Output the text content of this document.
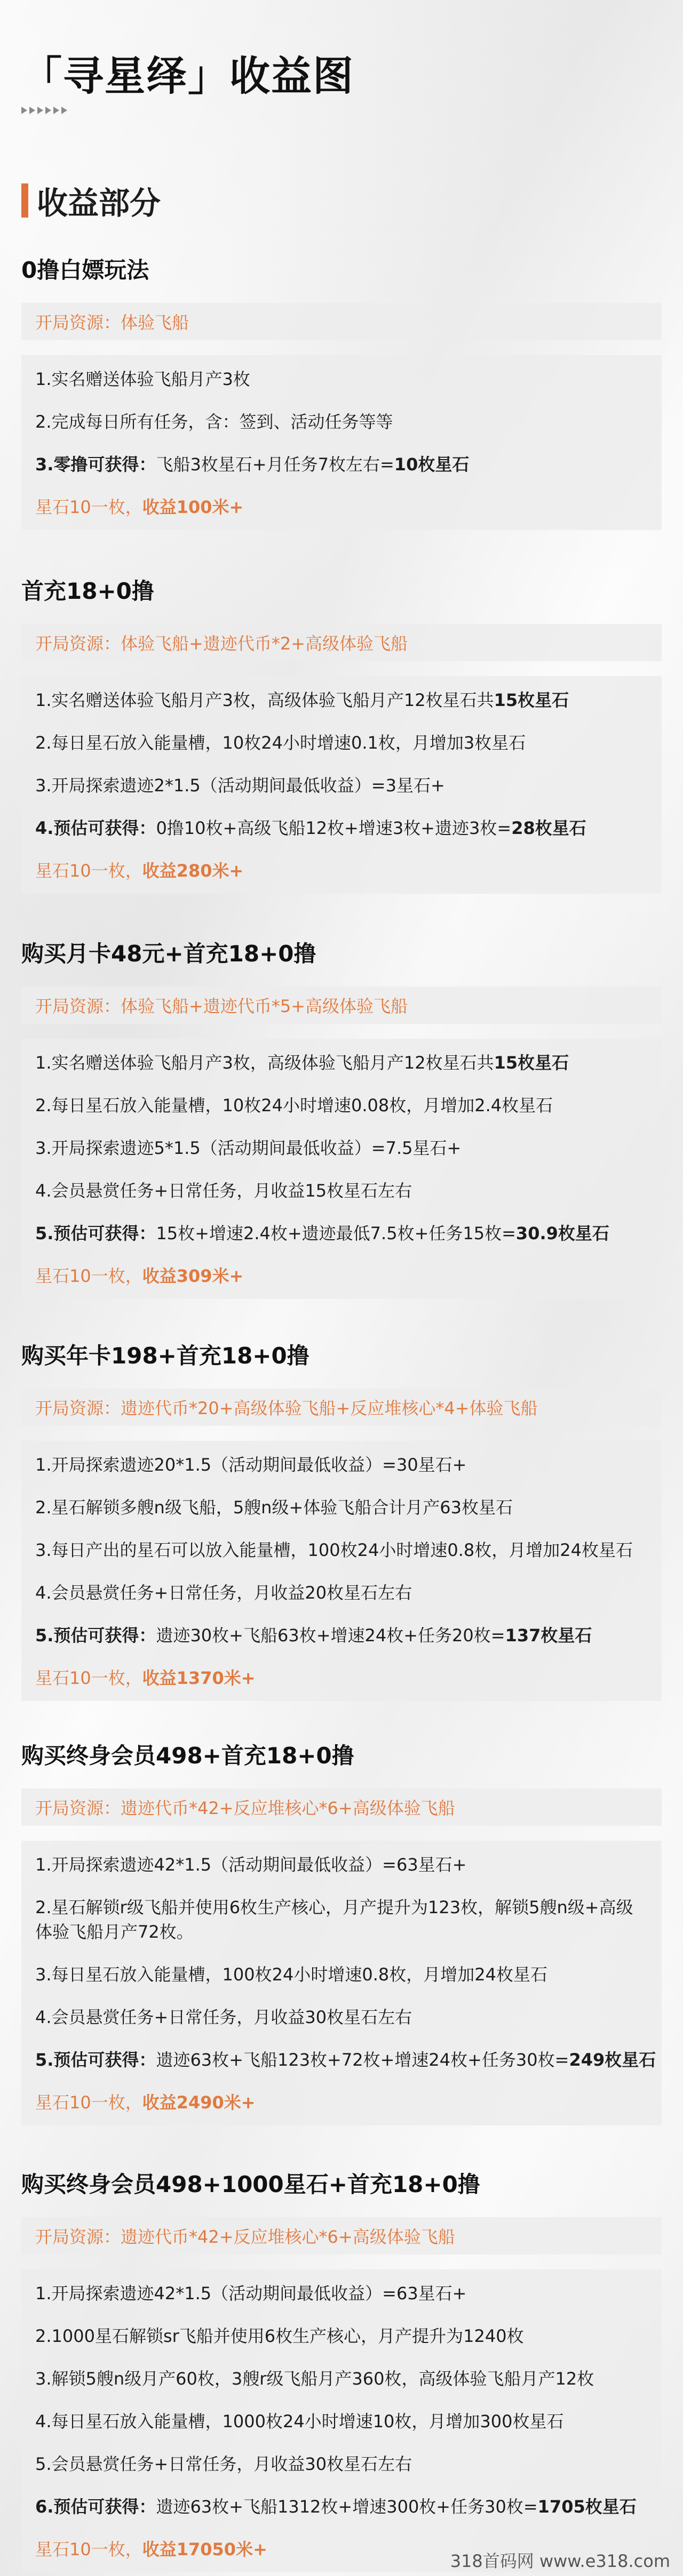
「寻星绎」收益图
收益部分
0撸白嫖玩法
开局资源：体验飞船
1.实名赠送体验飞船月产3枚
2.完成每日所有任务，含：签到、活动任务等等
3.零撸可获得：飞船3枚星石+月任务7枚左右=10枚星石
星石10一枚，收益100米+
首充18+0撸
开局资源：体验飞船+遗迹代币*2+高级体验飞船
1.实名赠送体验飞船月产3枚，高级体验飞船月产12枚星石共15枚星石
2.每日星石放入能量槽，10枚24小时增速0.1枚，月增加3枚星石
3.开局探索遗迹2*1.5（活动期间最低收益）=3星石+
4.预估可获得：0撸10枚+高级飞船12枚+增速3枚+遗迹3枚=28枚星石
星石10一枚，收益280米+
购买月卡48元+首充18+0撸
开局资源：体验飞船+遗迹代币*5+高级体验飞船
1.实名赠送体验飞船月产3枚，高级体验飞船月产12枚星石共15枚星石
2.每日星石放入能量槽，10枚24小时增速0.08枚，月增加2.4枚星石
3.开局探索遗迹5*1.5（活动期间最低收益）=7.5星石+
4.会员悬赏任务+日常任务，月收益15枚星石左右
5.预估可获得：15枚+增速2.4枚+遗迹最低7.5枚+任务15枚=30.9枚星石
星石10一枚，收益309米+
购买年卡198+首充18+0撸
开局资源：遗迹代币*20+高级体验飞船+反应堆核心*4+体验飞船
1.开局探索遗迹20*1.5（活动期间最低收益）=30星石+
2.星石解锁多艘n级飞船，5艘n级+体验飞船合计月产63枚星石
3.每日产出的星石可以放入能量槽，100枚24小时增速0.8枚，月增加24枚星石
4.会员悬赏任务+日常任务，月收益20枚星石左右
5.预估可获得：遗迹30枚+飞船63枚+增速24枚+任务20枚=137枚星石
星石10一枚，收益1370米+
购买终身会员498+首充18+0撸
开局资源：遗迹代币*42+反应堆核心*6+高级体验飞船
1.开局探索遗迹42*1.5（活动期间最低收益）=63星石+
2.星石解锁r级飞船并使用6枚生产核心，月产提升为123枚，解锁5艘n级+高级体验飞船月产72枚。
3.每日星石放入能量槽，100枚24小时增速0.8枚，月增加24枚星石
4.会员悬赏任务+日常任务，月收益30枚星石左右
5.预估可获得：遗迹63枚+飞船123枚+72枚+增速24枚+任务30枚=249枚星石
星石10一枚，收益2490米+
购买终身会员498+1000星石+首充18+0撸
开局资源：遗迹代币*42+反应堆核心*6+高级体验飞船
1.开局探索遗迹42*1.5（活动期间最低收益）=63星石+
2.1000星石解锁sr飞船并使用6枚生产核心，月产提升为1240枚
3.解锁5艘n级月产60枚，3艘r级飞船月产360枚，高级体验飞船月产12枚
4.每日星石放入能量槽，1000枚24小时增速10枚，月增加300枚星石
5.会员悬赏任务+日常任务，月收益30枚星石左右
6.预估可获得：遗迹63枚+飞船1312枚+增速300枚+任务30枚=1705枚星石
星石10一枚，收益17050米+
318首码网 www.e318.com
